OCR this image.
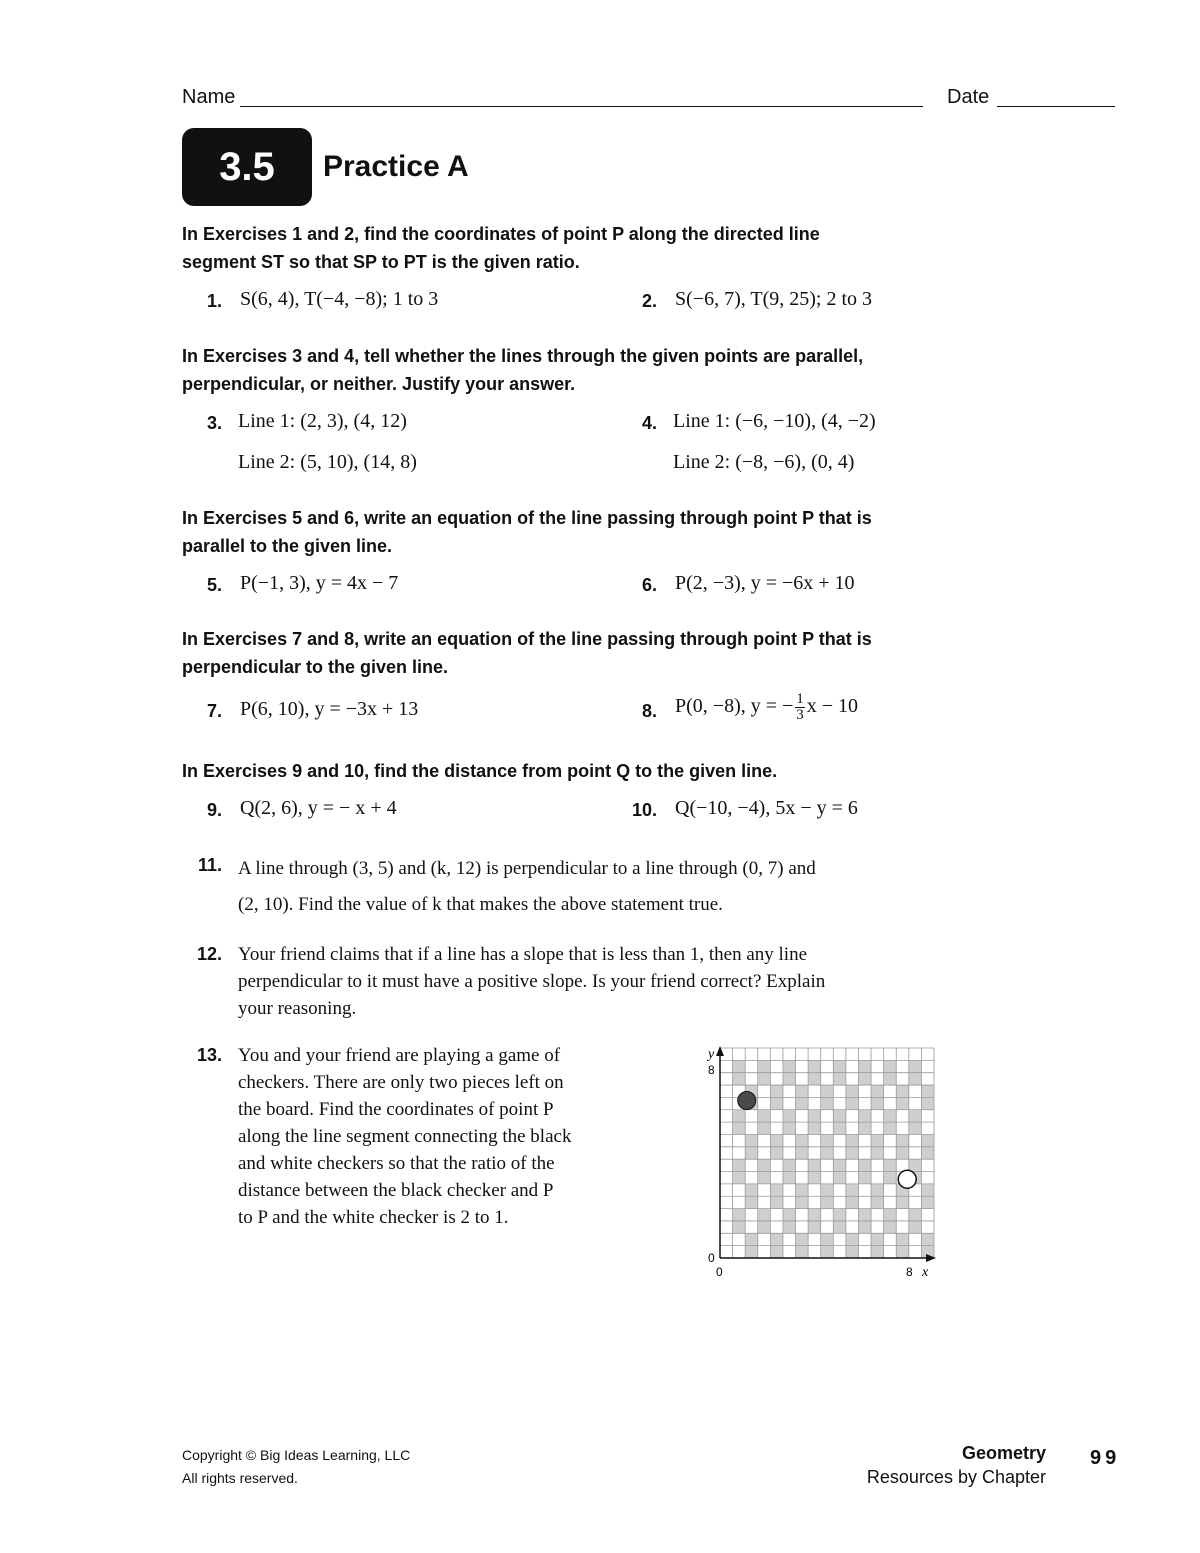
Name	Date
3.5 Practice A
In Exercises 1 and 2, find the coordinates of point P along the directed line
segment ST so that SP to PT is the given ratio.
1. S(6, 4), T(−4, −8); 1 to 3	2. S(−6, 7), T(9, 25); 2 to 3
In Exercises 3 and 4, tell whether the lines through the given points are parallel,
perpendicular, or neither. Justify your answer.
3. Line 1: (2, 3), (4, 12)
Line 2: (5, 10), (14, 8)
4. Line 1: (−6, −10), (4, −2)
Line 2: (−8, −6), (0, 4)
In Exercises 5 and 6, write an equation of the line passing through point P that is
parallel to the given line.
5. P(−1, 3), y = 4x − 7	6. P(2, −3), y = −6x + 10
In Exercises 7 and 8, write an equation of the line passing through point P that is
perpendicular to the given line.
7. P(6, 10), y = −3x + 13	8. P(0, −8), y = − $\frac{1}{3}$ x − 10
In Exercises 9 and 10, find the distance from point Q to the given line.
9. Q(2, 6), y = − x + 4	10. Q(−10, −4), 5x − y = 6
11. A line through (3, 5) and (k, 12) is perpendicular to a line through (0, 7) and
(2, 10). Find the value of k that makes the above statement true.
12. Your friend claims that if a line has a slope that is less than 1, then any line
perpendicular to it must have a positive slope. Is your friend correct? Explain
your reasoning.
13. You and your friend are playing a game of
checkers. There are only two pieces left on
the board. Find the coordinates of point P
along the line segment connecting the black
and white checkers so that the ratio of the
distance between the black checker and P
to P and the white checker is 2 to 1.
y
8
0
0	8 x
Copyright © Big Ideas Learning, LLC
All rights reserved.
Geometry
Resources by Chapter
99
